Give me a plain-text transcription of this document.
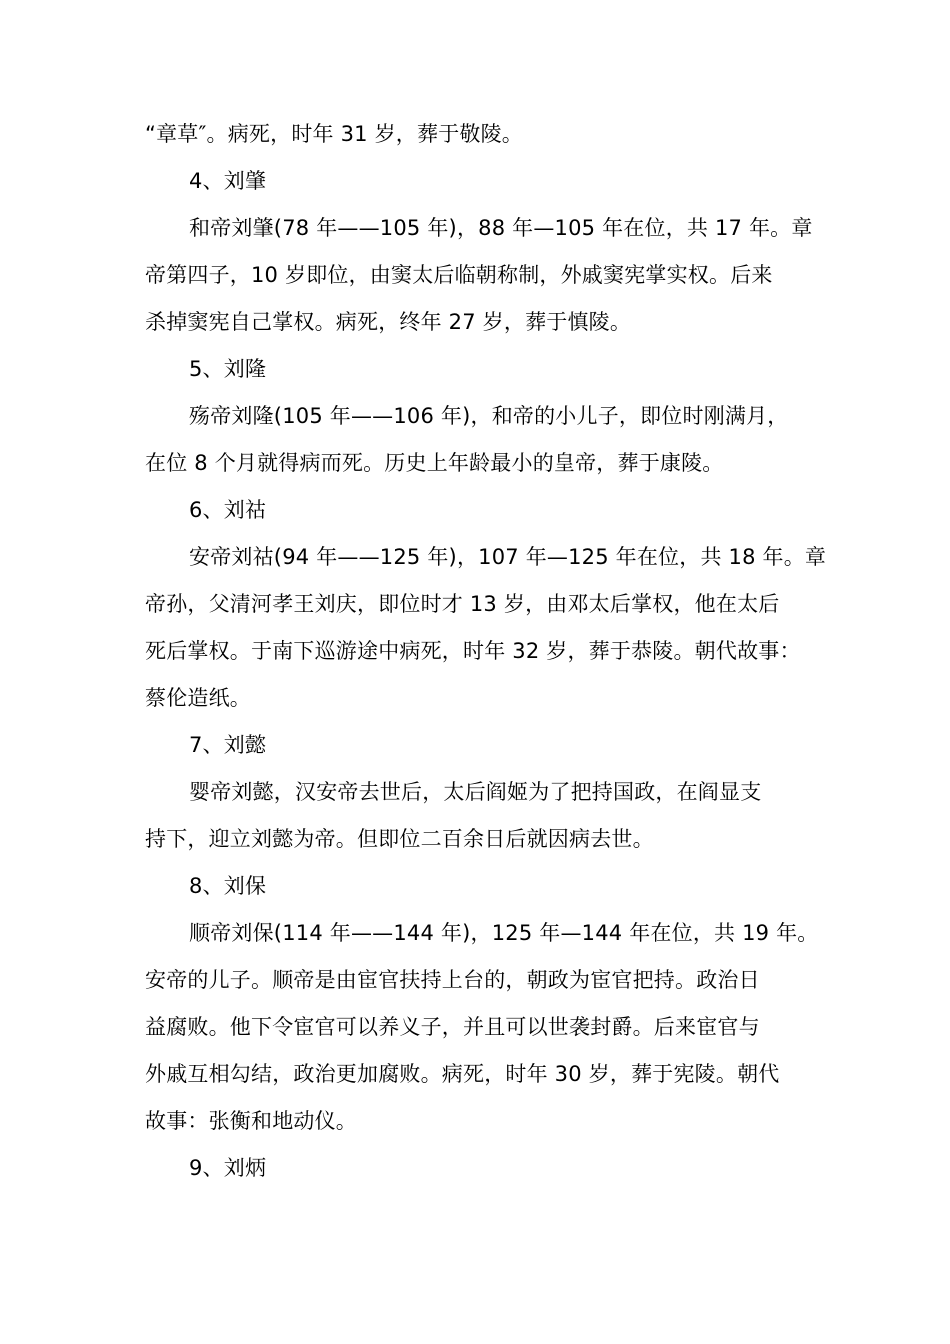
“章草″。病死，时年 31 岁，葬于敬陵。
4、刘肇
和帝刘肇(78 年——105 年)，88 年—105 年在位，共 17 年。章
帝第四子，10 岁即位，由窦太后临朝称制，外戚窦宪掌实权。后来
杀掉窦宪自己掌权。病死，终年 27 岁，葬于慎陵。
5、刘隆
殇帝刘隆(105 年——106 年)，和帝的小儿子，即位时刚满月，
在位 8 个月就得病而死。历史上年龄最小的皇帝，葬于康陵。
6、刘祜
安帝刘祜(94 年——125 年)，107 年—125 年在位，共 18 年。章
帝孙，父清河孝王刘庆，即位时才 13 岁，由邓太后掌权，他在太后
死后掌权。于南下巡游途中病死，时年 32 岁，葬于恭陵。朝代故事：
蔡伦造纸。
7、刘懿
婴帝刘懿，汉安帝去世后，太后阎姬为了把持国政，在阎显支
持下，迎立刘懿为帝。但即位二百余日后就因病去世。
8、刘保
顺帝刘保(114 年——144 年)，125 年—144 年在位，共 19 年。
安帝的儿子。顺帝是由宦官扶持上台的，朝政为宦官把持。政治日
益腐败。他下令宦官可以养义子，并且可以世袭封爵。后来宦官与
外戚互相勾结，政治更加腐败。病死，时年 30 岁，葬于宪陵。朝代
故事：张衡和地动仪。
9、刘炳
